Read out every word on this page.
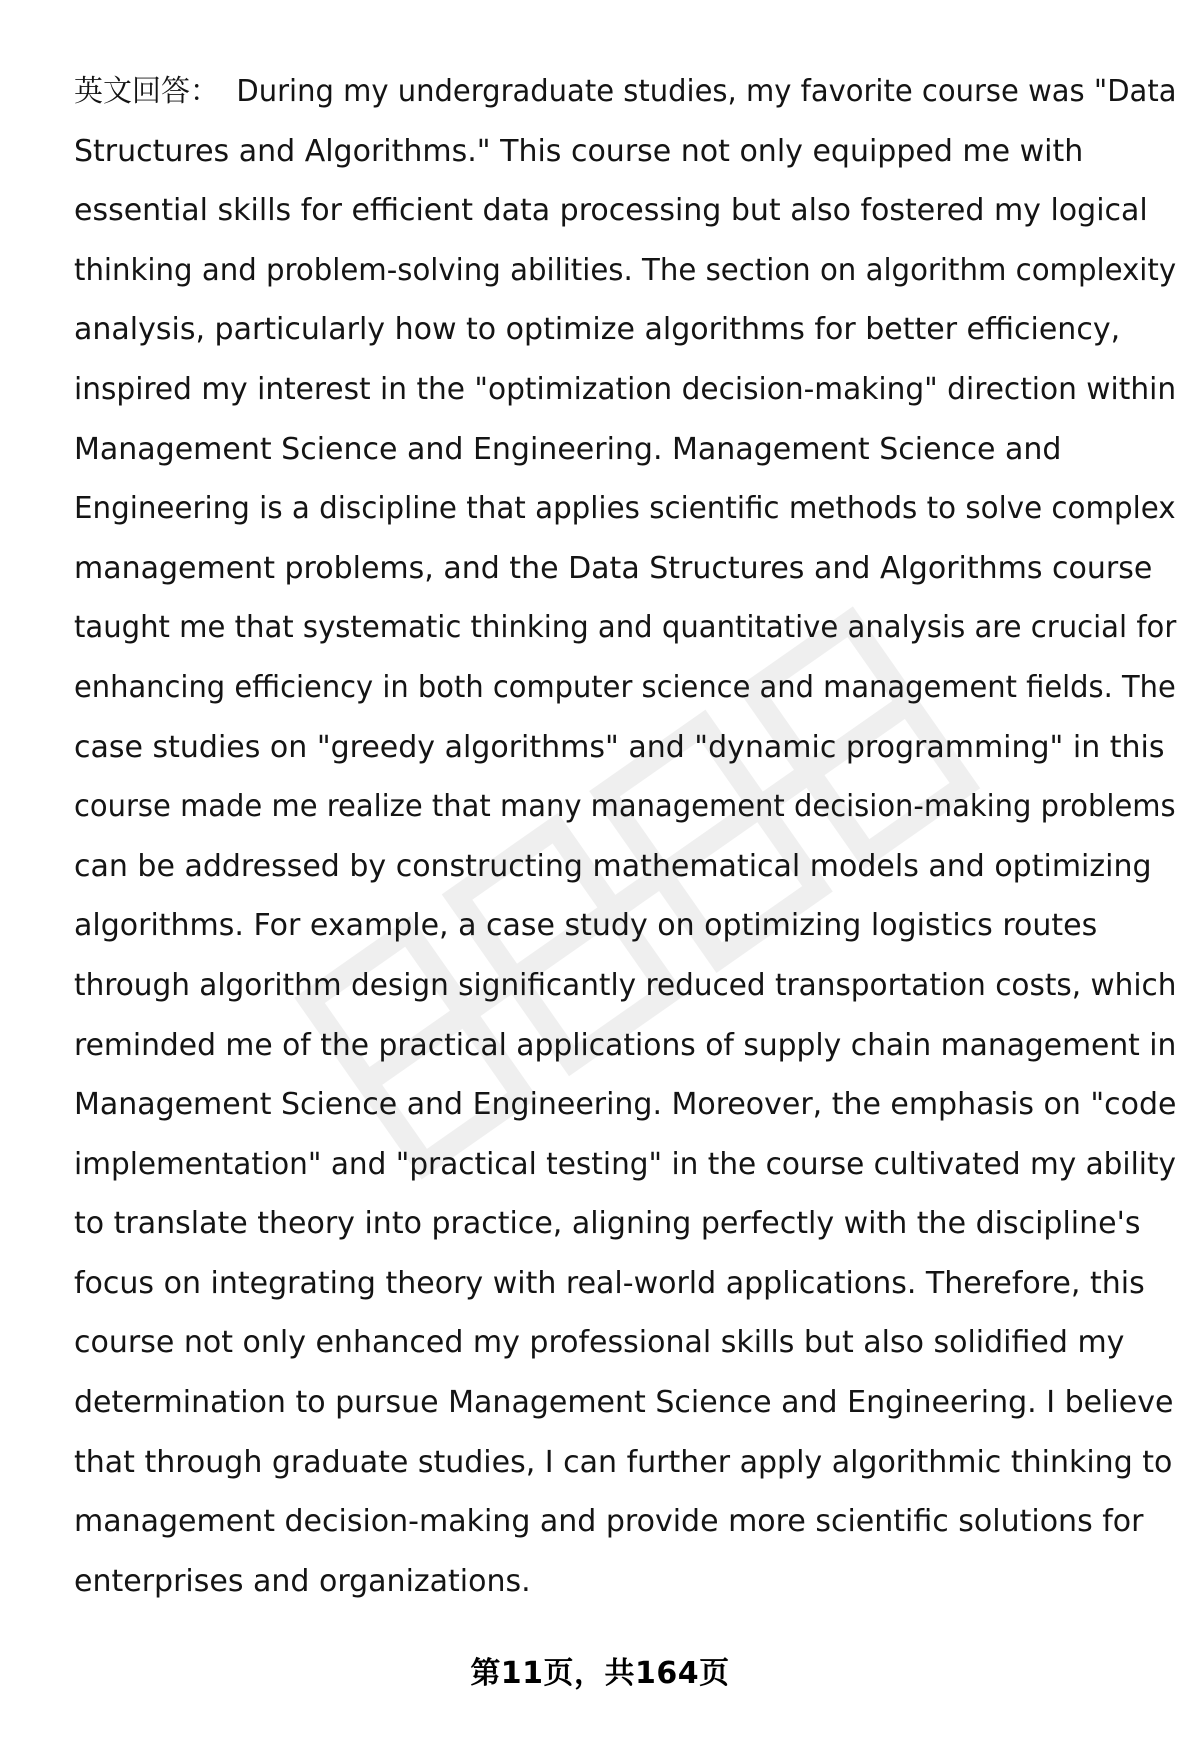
英文回答： During my undergraduate studies, my favorite course was "Data
Structures and Algorithms." This course not only equipped me with
essential skills for efficient data processing but also fostered my logical
thinking and problem-solving abilities. The section on algorithm complexity
analysis, particularly how to optimize algorithms for better efficiency,
inspired my interest in the "optimization decision-making" direction within
Management Science and Engineering. Management Science and
Engineering is a discipline that applies scientific methods to solve complex
management problems, and the Data Structures and Algorithms course
taught me that systematic thinking and quantitative analysis are crucial for
enhancing efficiency in both computer science and management fields. The
case studies on "greedy algorithms" and "dynamic programming" in this
course made me realize that many management decision-making problems
can be addressed by constructing mathematical models and optimizing
algorithms. For example, a case study on optimizing logistics routes
through algorithm design significantly reduced transportation costs, which
reminded me of the practical applications of supply chain management in
Management Science and Engineering. Moreover, the emphasis on "code
implementation" and "practical testing" in the course cultivated my ability
to translate theory into practice, aligning perfectly with the discipline's
focus on integrating theory with real-world applications. Therefore, this
course not only enhanced my professional skills but also solidified my
determination to pursue Management Science and Engineering. I believe
that through graduate studies, I can further apply algorithmic thinking to
management decision-making and provide more scientific solutions for
enterprises and organizations.
第11页，共164页
